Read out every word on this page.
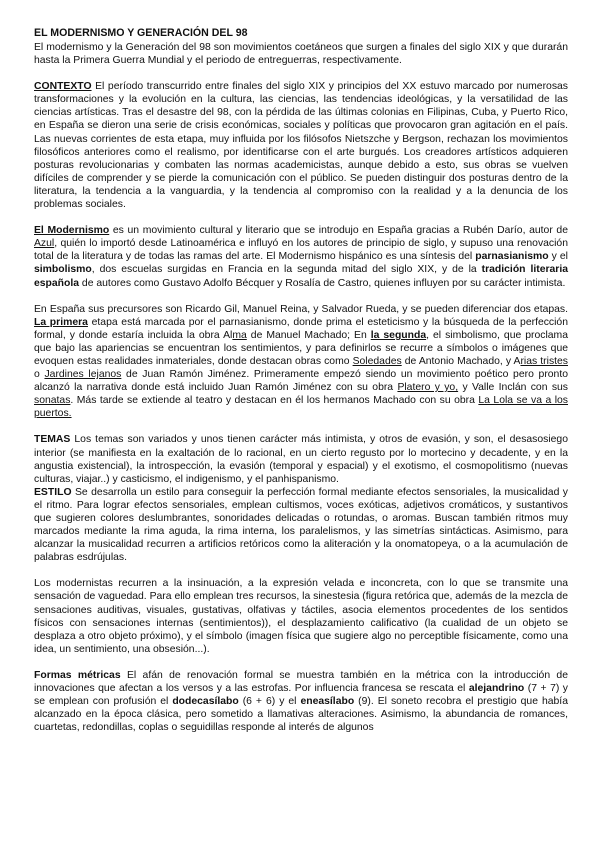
EL MODERNISMO Y GENERACIÓN DEL 98

El modernismo y la Generación del 98 son movimientos coetáneos que surgen a finales del siglo XIX y que durarán hasta la Primera Guerra Mundial y el periodo de entreguerras, respectivamente.

CONTEXTO El período transcurrido entre finales del siglo XIX y principios del XX estuvo marcado por numerosas transformaciones y la evolución en la cultura, las ciencias, las tendencias ideológicas, y la versatilidad de las ciencias artísticas. Tras el desastre del 98, con la pérdida de las últimas colonias en Filipinas, Cuba, y Puerto Rico, en España se dieron una serie de crisis económicas, sociales y políticas que provocaron gran agitación en el país. Las nuevas corrientes de esta etapa, muy influida por los filósofos Nietszche y Bergson, rechazan los movimientos filosóficos anteriores como el realismo, por identificarse con el arte burgués. Los creadores artísticos adquieren posturas revolucionarias y combaten las normas academicistas, aunque debido a esto, sus obras se vuelven difíciles de comprender y se pierde la comunicación con el público. Se pueden distinguir dos posturas dentro de la literatura, la tendencia a la vanguardia, y la tendencia al compromiso con la realidad y a la denuncia de los problemas sociales.

El Modernismo es un movimiento cultural y literario que se introdujo en España gracias a Rubén Darío, autor de Azul, quién lo importó desde Latinoamérica e influyó en los autores de principio de siglo, y supuso una renovación total de la literatura y de todas las ramas del arte. El Modernismo hispánico es una síntesis del parnasianismo y el simbolismo, dos escuelas surgidas en Francia en la segunda mitad del siglo XIX, y de la tradición literaria española de autores como Gustavo Adolfo Bécquer y Rosalía de Castro, quienes influyen por su carácter intimista.

En España sus precursores son Ricardo Gil, Manuel Reina, y Salvador Rueda, y se pueden diferenciar dos etapas. La primera etapa está marcada por el parnasianismo, donde prima el esteticismo y la búsqueda de la perfección formal, y donde estaría incluida la obra Alma de Manuel Machado; En la segunda, el simbolismo, que proclama que bajo las apariencias se encuentran los sentimientos, y para definirlos se recurre a símbolos o imágenes que evoquen estas realidades inmateriales, donde destacan obras como Soledades de Antonio Machado, y Arias tristes o Jardines lejanos de Juan Ramón Jiménez. Primeramente empezó siendo un movimiento poético pero pronto alcanzó la narrativa donde está incluido Juan Ramón Jiménez con su obra Platero y yo, y Valle Inclán con sus sonatas. Más tarde se extiende al teatro y destacan en él los hermanos Machado con su obra La Lola se va a los puertos.

TEMAS Los temas son variados y unos tienen carácter más intimista, y otros de evasión, y son, el desasosiego interior (se manifiesta en la exaltación de lo racional, en un cierto regusto por lo mortecino y decadente, y en la angustia existencial), la introspección, la evasión (temporal y espacial) y el exotismo, el cosmopolitismo (nuevas culturas, viajar..) y casticismo, el indigenismo, y el panhispanismo.

ESTILO Se desarrolla un estilo para conseguir la perfección formal mediante efectos sensoriales, la musicalidad y el ritmo. Para lograr efectos sensoriales, emplean cultismos, voces exóticas, adjetivos cromáticos, y sustantivos que sugieren colores deslumbrantes, sonoridades delicadas o rotundas, o aromas. Buscan también ritmos muy marcados mediante la rima aguda, la rima interna, los paralelismos, y las simetrías sintácticas. Asimismo, para alcanzar la musicalidad recurren a artificios retóricos como la aliteración y la onomatopeya, o a la acumulación de palabras esdrújulas.

Los modernistas recurren a la insinuación, a la expresión velada e inconcreta, con lo que se transmite una sensación de vaguedad. Para ello emplean tres recursos, la sinestesia (figura retórica que, además de la mezcla de sensaciones auditivas, visuales, gustativas, olfativas y táctiles, asocia elementos procedentes de los sentidos físicos con sensaciones internas (sentimientos)), el desplazamiento calificativo (la cualidad de un objeto se desplaza a otro objeto próximo), y el símbolo (imagen física que sugiere algo no perceptible físicamente, como una idea, un sentimiento, una obsesión...).

Formas métricas El afán de renovación formal se muestra también en la métrica con la introducción de innovaciones que afectan a los versos y a las estrofas. Por influencia francesa se rescata el alejandrino (7 + 7) y se emplean con profusión el dodecasílabo (6 + 6) y el eneasílabo (9). El soneto recobra el prestigio que había alcanzado en la época clásica, pero sometido a llamativas alteraciones. Asimismo, la abundancia de romances, cuartetas, redondillas, coplas o seguidillas responde al interés de algunos
